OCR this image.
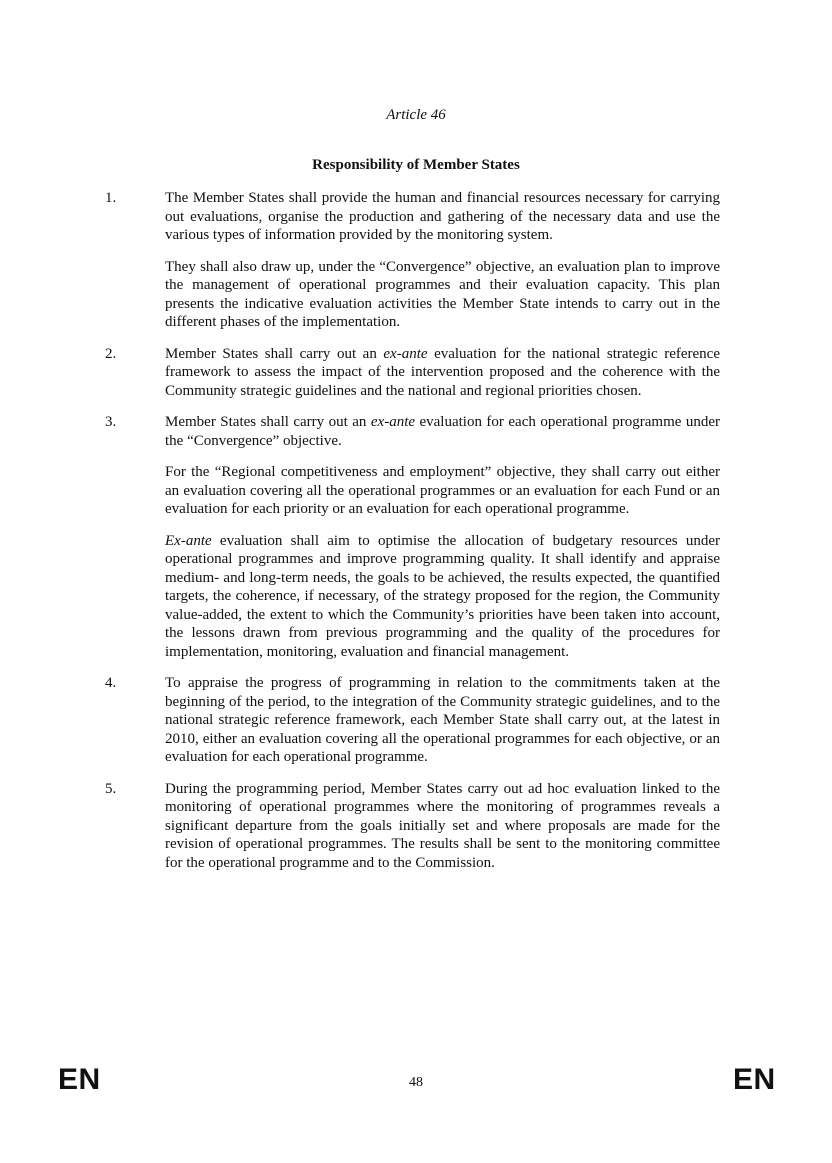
Article 46
Responsibility of Member States
1.	The Member States shall provide the human and financial resources necessary for carrying out evaluations, organise the production and gathering of the necessary data and use the various types of information provided by the monitoring system.

They shall also draw up, under the “Convergence” objective, an evaluation plan to improve the management of operational programmes and their evaluation capacity. This plan presents the indicative evaluation activities the Member State intends to carry out in the different phases of the implementation.

2.	Member States shall carry out an ex-ante evaluation for the national strategic reference framework to assess the impact of the intervention proposed and the coherence with the Community strategic guidelines and the national and regional priorities chosen.

3.	Member States shall carry out an ex-ante evaluation for each operational programme under the “Convergence” objective.

For the “Regional competitiveness and employment” objective, they shall carry out either an evaluation covering all the operational programmes or an evaluation for each Fund or an evaluation for each priority or an evaluation for each operational programme.

Ex-ante evaluation shall aim to optimise the allocation of budgetary resources under operational programmes and improve programming quality. It shall identify and appraise medium- and long-term needs, the goals to be achieved, the results expected, the quantified targets, the coherence, if necessary, of the strategy proposed for the region, the Community value-added, the extent to which the Community’s priorities have been taken into account, the lessons drawn from previous programming and the quality of the procedures for implementation, monitoring, evaluation and financial management.

4.	To appraise the progress of programming in relation to the commitments taken at the beginning of the period, to the integration of the Community strategic guidelines, and to the national strategic reference framework, each Member State shall carry out, at the latest in 2010, either an evaluation covering all the operational programmes for each objective, or an evaluation for each operational programme.

5.	During the programming period, Member States carry out ad hoc evaluation linked to the monitoring of operational programmes where the monitoring of programmes reveals a significant departure from the goals initially set and where proposals are made for the revision of operational programmes. The results shall be sent to the monitoring committee for the operational programme and to the Commission.

EN	48	EN
